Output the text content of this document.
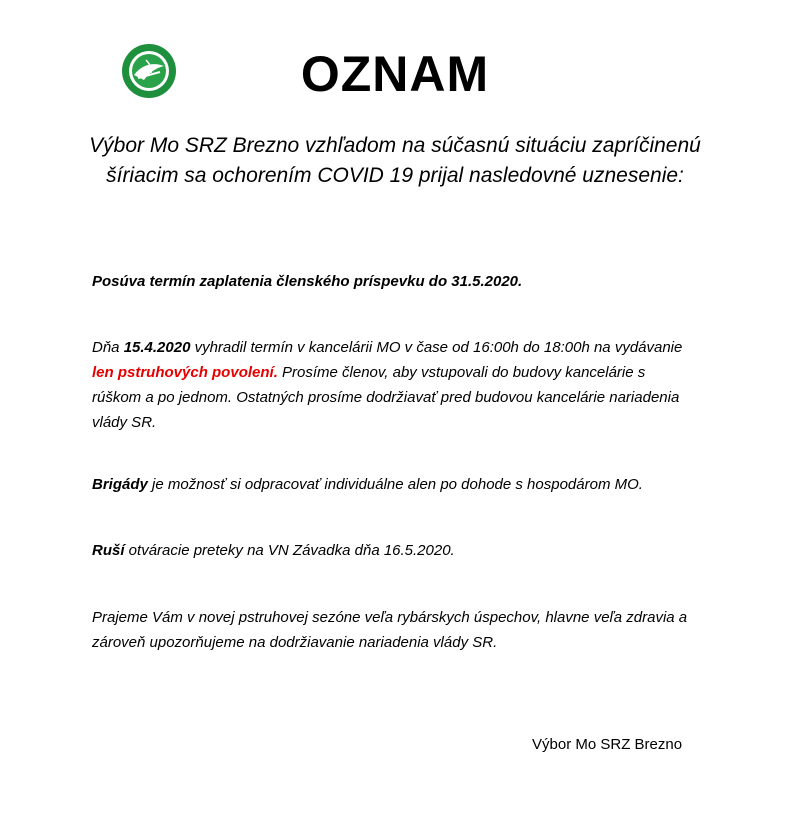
OZNAM
Výbor Mo SRZ Brezno vzhľadom na súčasnú situáciu zapríčinenú šíriacim sa ochorením COVID 19 prijal nasledovné uznesenie:
Posúva termín zaplatenia členského príspevku do 31.5.2020.
Dňa 15.4.2020 vyhradil termín v kancelárii MO v čase od 16:00h do 18:00h na vydávanie len pstruhových povolení. Prosíme členov, aby vstupovali do budovy kancelárie s rúškom a po jednom. Ostatných prosíme dodržiavať pred budovou kancelárie nariadenia vlády SR.
Brigády je možnosť si odpracovať individuálne alen po dohode s hospodárom MO.
Ruší otváracie preteky na VN Závadka dňa 16.5.2020.
Prajeme Vám v novej pstruhovej sezóne veľa rybárskych úspechov, hlavne veľa zdravia a zároveň upozorňujeme na dodržiavanie nariadenia vlády SR.
Výbor Mo SRZ Brezno
